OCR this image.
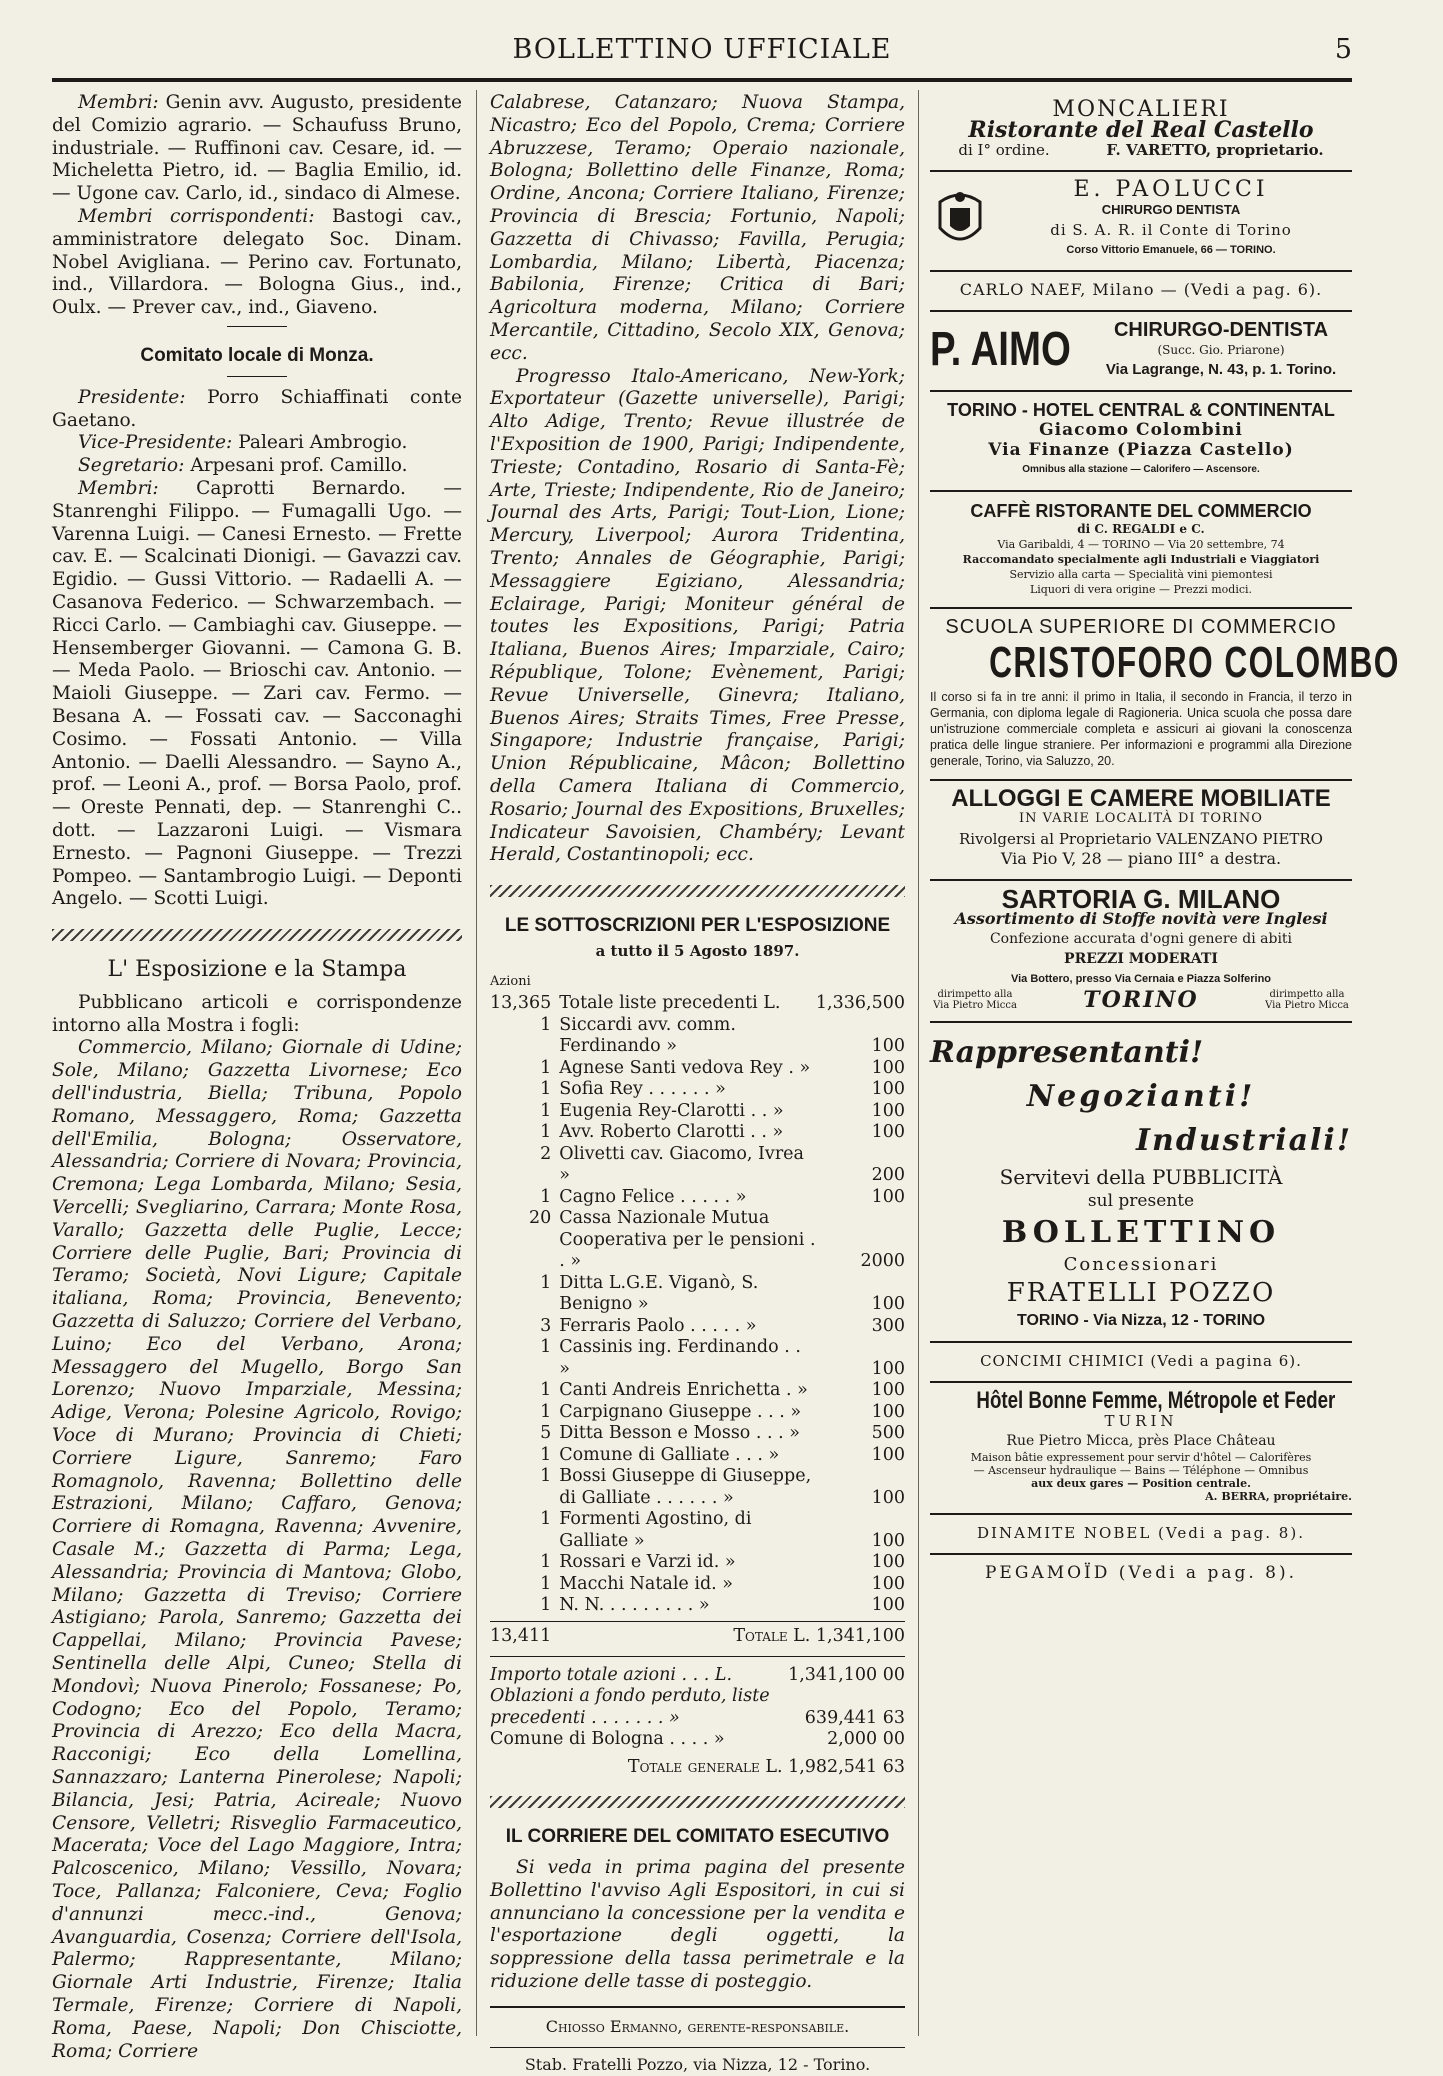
BOLLETTINO UFFICIALE	5

Membri: Genin avv. Augusto, presidente del Comizio agrario. — Schaufuss Bruno, industriale. — Ruffinoni cav. Cesare, id. — Micheletta Pietro, id. — Baglia Emilio, id. — Ugone cav. Carlo, id., sindaco di Almese.

Membri corrispondenti: Bastogi cav., amministratore delegato Soc. Dinam. Nobel Avigliana. — Perino cav. Fortunato, ind., Villardora. — Bologna Gius., ind., Oulx. — Prever cav., ind., Giaveno.

Comitato locale di Monza.

Presidente: Porro Schiaffinati conte Gaetano.

Vice-Presidente: Paleari Ambrogio.

Segretario: Arpesani prof. Camillo.

Membri: Caprotti Bernardo. — Stanrenghi Filippo. — Fumagalli Ugo. — Varenna Luigi. — Canesi Ernesto. — Frette cav. E. — Scalcinati Dionigi. — Gavazzi cav. Egidio. — Gussi Vittorio. — Radaelli A. — Casanova Federico. — Schwarzembach. — Ricci Carlo. — Cambiaghi cav. Giuseppe. — Hensemberger Giovanni. — Camona G. B. — Meda Paolo. — Brioschi cav. Antonio. — Maioli Giuseppe. — Zari cav. Fermo. — Besana A. — Fossati cav. — Sacconaghi Cosimo. — Fossati Antonio. — Villa Antonio. — Daelli Alessandro. — Sayno A., prof. — Leoni A., prof. — Borsa Paolo, prof. — Oreste Pennati, dep. — Stanrenghi C.. dott. — Lazzaroni Luigi. — Vismara Ernesto. — Pagnoni Giuseppe. — Trezzi Pompeo. — Santambrogio Luigi. — Deponti Angelo. — Scotti Luigi.

L' Esposizione e la Stampa

Pubblicano articoli e corrispondenze intorno alla Mostra i fogli:

Commercio, Milano; Giornale di Udine; Sole, Milano; Gazzetta Livornese; Eco dell'industria, Biella; Tribuna, Popolo Romano, Messaggero, Roma; Gazzetta dell'Emilia, Bologna; Osservatore, Alessandria; Corriere di Novara; Provincia, Cremona; Lega Lombarda, Milano; Sesia, Vercelli; Svegliarino, Carrara; Monte Rosa, Varallo; Gazzetta delle Puglie, Lecce; Corriere delle Puglie, Bari; Provincia di Teramo; Società, Novi Ligure; Capitale italiana, Roma; Provincia, Benevento; Gazzetta di Saluzzo; Corriere del Verbano, Luino; Eco del Verbano, Arona; Messaggero del Mugello, Borgo San Lorenzo; Nuovo Imparziale, Messina; Adige, Verona; Polesine Agricolo, Rovigo; Voce di Murano; Provincia di Chieti; Corriere Ligure, Sanremo; Faro Romagnolo, Ravenna; Bollettino delle Estrazioni, Milano; Caffaro, Genova; Corriere di Romagna, Ravenna; Avvenire, Casale M.; Gazzetta di Parma; Lega, Alessandria; Provincia di Mantova; Globo, Milano; Gazzetta di Treviso; Corriere Astigiano; Parola, Sanremo; Gazzetta dei Cappellai, Milano; Provincia Pavese; Sentinella delle Alpi, Cuneo; Stella di Mondovì; Nuova Pinerolo; Fossanese; Po, Codogno; Eco del Popolo, Teramo; Provincia di Arezzo; Eco della Macra, Racconigi; Eco della Lomellina, Sannazzaro; Lanterna Pinerolese; Napoli; Bilancia, Jesi; Patria, Acireale; Nuovo Censore, Velletri; Risveglio Farmaceutico, Macerata; Voce del Lago Maggiore, Intra; Palcoscenico, Milano; Vessillo, Novara; Toce, Pallanza; Falconiere, Ceva; Foglio d'annunzi mecc.-ind., Genova; Avanguardia, Cosenza; Corriere dell'Isola, Palermo; Rappresentante, Milano; Giornale Arti Industrie, Firenze; Italia Termale, Firenze; Corriere di Napoli, Roma, Paese, Napoli; Don Chisciotte, Roma; Corriere

Calabrese, Catanzaro; Nuova Stampa, Nicastro; Eco del Popolo, Crema; Corriere Abruzzese, Teramo; Operaio nazionale, Bologna; Bollettino delle Finanze, Roma; Ordine, Ancona; Corriere Italiano, Firenze; Provincia di Brescia; Fortunio, Napoli; Gazzetta di Chivasso; Favilla, Perugia; Lombardia, Milano; Libertà, Piacenza; Babilonia, Firenze; Critica di Bari; Agricoltura moderna, Milano; Corriere Mercantile, Cittadino, Secolo XIX, Genova; ecc.

Progresso Italo-Americano, New-York; Exportateur (Gazette universelle), Parigi; Alto Adige, Trento; Revue illustrée de l'Exposition de 1900, Parigi; Indipendente, Trieste; Contadino, Rosario di Santa-Fè; Arte, Trieste; Indipendente, Rio de Janeiro; Journal des Arts, Parigi; Tout-Lion, Lione; Mercury, Liverpool; Aurora Tridentina, Trento; Annales de Géographie, Parigi; Messaggiere Egiziano, Alessandria; Eclairage, Parigi; Moniteur général de toutes les Expositions, Parigi; Patria Italiana, Buenos Aires; Imparziale, Cairo; République, Tolone; Evènement, Parigi; Revue Universelle, Ginevra; Italiano, Buenos Aires; Straits Times, Free Presse, Singapore; Industrie française, Parigi; Union Républicaine, Mâcon; Bollettino della Camera Italiana di Commercio, Rosario; Journal des Expositions, Bruxelles; Indicateur Savoisien, Chambéry; Levant Herald, Costantinopoli; ecc.

LE SOTTOSCRIZIONI PER L'ESPOSIZIONE
a tutto il 5 Agosto 1897.
Azioni
13,365	Totale liste precedenti L.	1,336,500
1	Siccardi avv. comm. Ferdinando »	100
1	Agnese Santi vedova Rey . »	100
1	Sofia Rey . . . . . . »	100
1	Eugenia Rey-Clarotti . . »	100
1	Avv. Roberto Clarotti . . »	100
2	Olivetti cav. Giacomo, Ivrea »	200
1	Cagno Felice . . . . . »	100
20	Cassa Nazionale Mutua Cooperativa per le pensioni . . »	2000
1	Ditta L.G.E. Viganò, S. Benigno »	100
3	Ferraris Paolo . . . . . »	300
1	Cassinis ing. Ferdinando . . »	100
1	Canti Andreis Enrichetta . »	100
1	Carpignano Giuseppe . . . »	100
5	Ditta Besson e Mosso . . . »	500
1	Comune di Galliate . . . »	100
1	Bossi Giuseppe di Giuseppe, di Galliate . . . . . . »	100
1	Formenti Agostino, di Galliate »	100
1	Rossari e Varzi id. »	100
1	Macchi Natale id. »	100
1	N. N. . . . . . . . . »	100
13,411	Totale L. 1,341,100
Importo totale azioni . . . L.	1,341,100 00
Oblazioni a fondo perduto, liste precedenti . . . . . . . »	639,441 63
Comune di Bologna . . . . »	2,000 00
Totale generale L. 1,982,541 63
IL CORRIERE DEL COMITATO ESECUTIVO

Si veda in prima pagina del presente Bollettino l'avviso Agli Espositori, in cui si annunciano la concessione per la vendita e l'esportazione degli oggetti, la soppressione della tassa perimetrale e la riduzione delle tasse di posteggio.

Chiosso Ermanno, gerente-responsabile.
Stab. Fratelli Pozzo, via Nizza, 12 - Torino.
MONCALIERI
Ristorante del Real Castello
di I° ordine.	F. VARETTO, proprietario.
E. PAOLUCCI
CHIRURGO DENTISTA
di S. A. R. il Conte di Torino
Corso Vittorio Emanuele, 66 — TORINO.
CARLO NAEF, Milano — (Vedi a pag. 6).
P. AIMO	CHIRURGO-DENTISTA
(Succ. Gio. Priarone)
Via Lagrange, N. 43, p. 1. Torino.
TORINO - HOTEL CENTRAL & CONTINENTAL
Giacomo Colombini
Via Finanze (Piazza Castello)
Omnibus alla stazione — Calorifero — Ascensore.
CAFFÈ RISTORANTE DEL COMMERCIO
di C. REGALDI e C.
Via Garibaldi, 4 — TORINO — Via 20 settembre, 74
Raccomandato specialmente agli Industriali e Viaggiatori
Servizio alla carta — Specialità vini piemontesi
Liquori di vera origine — Prezzi modici.
SCUOLA SUPERIORE DI COMMERCIO
CRISTOFORO COLOMBO

Il corso si fa in tre anni: il primo in Italia, il secondo in Francia, il terzo in Germania, con diploma legale di Ragioneria. Unica scuola che possa dare un'istruzione commerciale completa e assicuri ai giovani la conoscenza pratica delle lingue straniere. Per informazioni e programmi alla Direzione generale, Torino, via Saluzzo, 20.

ALLOGGI E CAMERE MOBILIATE
IN VARIE LOCALITÀ DI TORINO
Rivolgersi al Proprietario VALENZANO PIETRO
Via Pio V, 28 — piano III° a destra.
SARTORIA G. MILANO
Assortimento di Stoffe novità vere Inglesi
Confezione accurata d'ogni genere di abiti
PREZZI MODERATI
Via Bottero, presso Via Cernaia e Piazza Solferino
dirimpetto alla Via Pietro Micca	TORINO	dirimpetto alla Via Pietro Micca
Rappresentanti!
Negozianti!
Industriali!
Servitevi della PUBBLICITÀ
sul presente
BOLLETTINO
Concessionari
FRATELLI POZZO
TORINO - Via Nizza, 12 - TORINO
CONCIMI CHIMICI (Vedi a pagina 6).
Hôtel Bonne Femme, Métropole et Feder
TURIN
Rue Pietro Micca, près Place Château
Maison bâtie expressement pour servir d'hôtel — Calorifères
— Ascenseur hydraulique — Bains — Téléphone — Omnibus
aux deux gares — Position centrale.
A. BERRA, propriétaire.
DINAMITE NOBEL (Vedi a pag. 8).
PEGAMOÏD (Vedi a pag. 8).
